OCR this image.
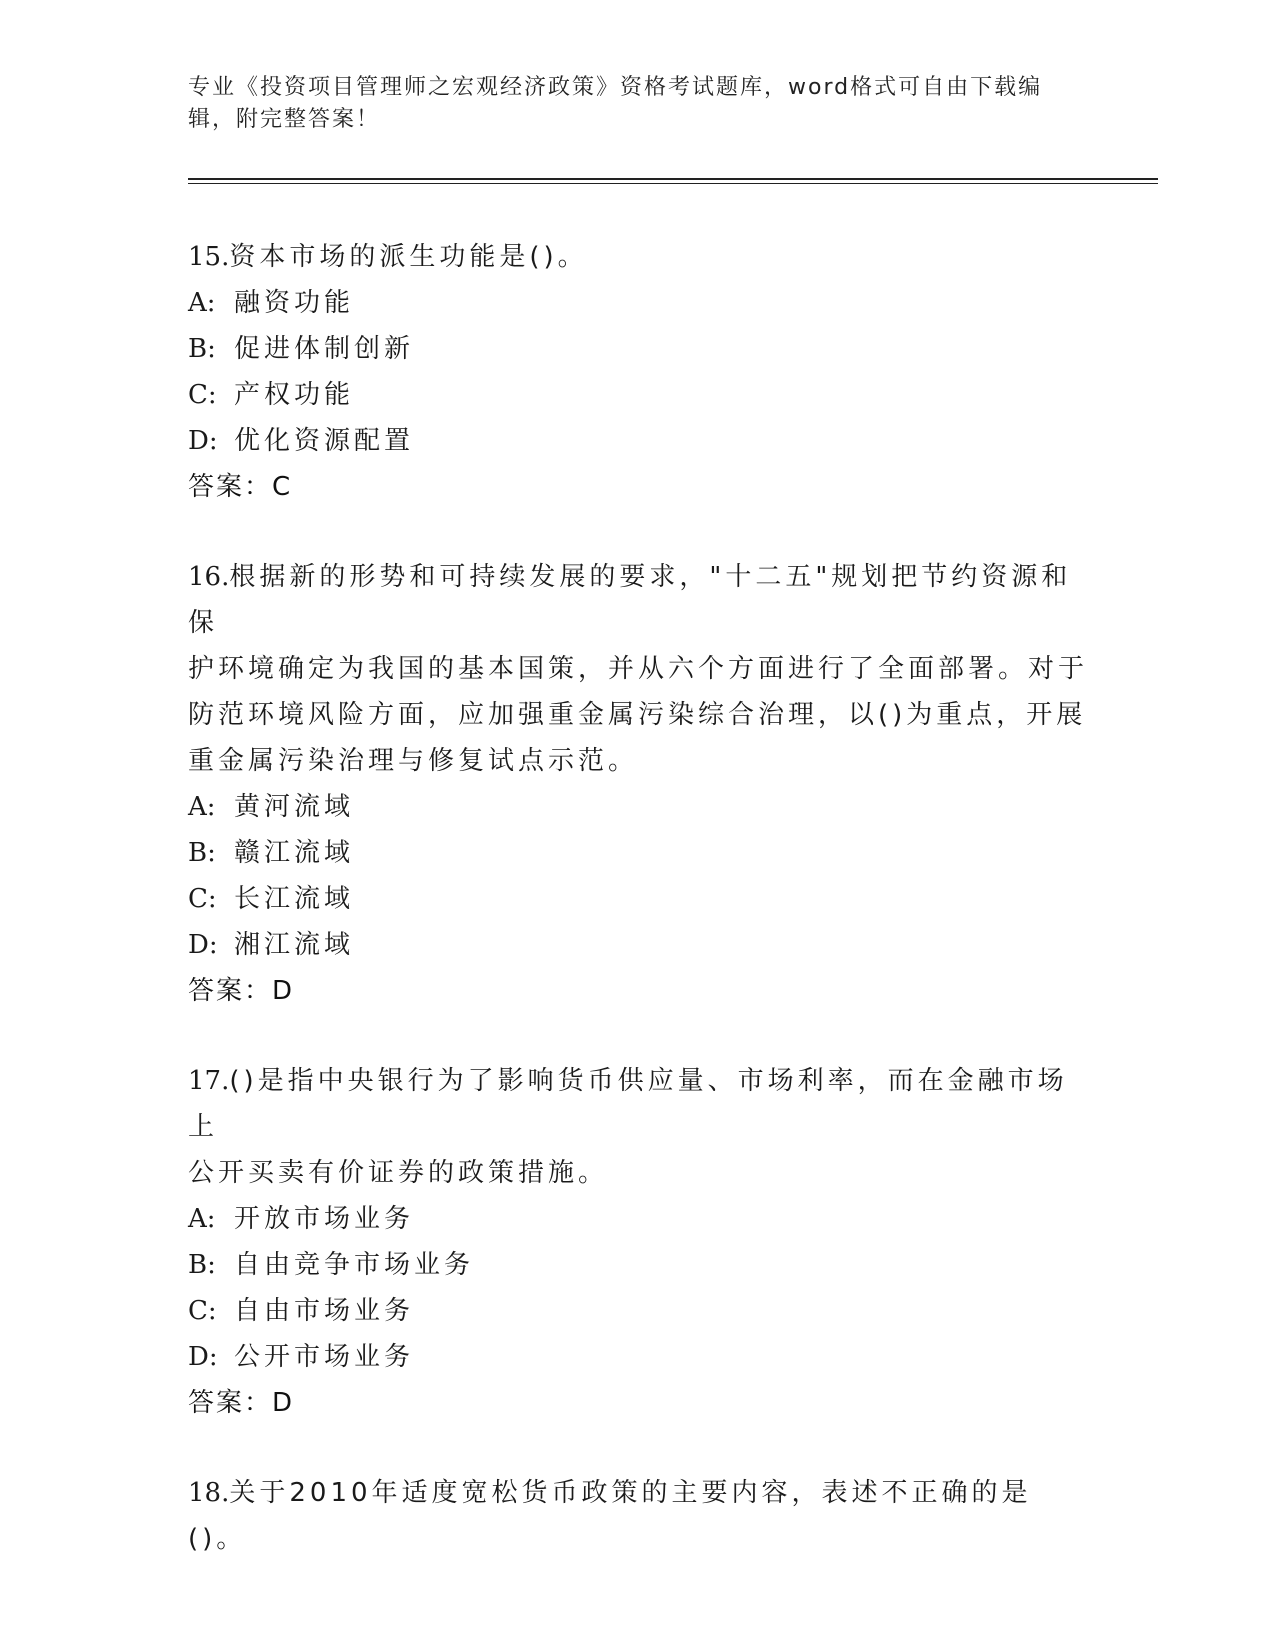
专业《投资项目管理师之宏观经济政策》资格考试题库，word格式可自由下载编
辑，附完整答案！
15.资本市场的派生功能是()。
A: 融资功能
B: 促进体制创新
C: 产权功能
D: 优化资源配置
答案：C
16.根据新的形势和可持续发展的要求，"十二五"规划把节约资源和保
护环境确定为我国的基本国策，并从六个方面进行了全面部署。对于
防范环境风险方面，应加强重金属污染综合治理，以()为重点，开展
重金属污染治理与修复试点示范。
A: 黄河流域
B: 赣江流域
C: 长江流域
D: 湘江流域
答案：D
17.()是指中央银行为了影响货币供应量、市场利率，而在金融市场上
公开买卖有价证券的政策措施。
A: 开放市场业务
B: 自由竞争市场业务
C: 自由市场业务
D: 公开市场业务
答案：D
18.关于2010年适度宽松货币政策的主要内容，表述不正确的是()。
